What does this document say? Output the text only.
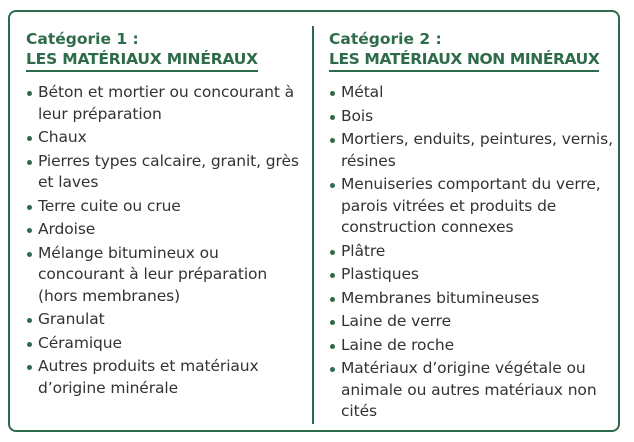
Catégorie 1 :
LES MATÉRIAUX MINÉRAUX
Béton et mortier ou concourant à leur préparation
Chaux
Pierres types calcaire, granit, grès et laves
Terre cuite ou crue
Ardoise
Mélange bitumineux ou concourant à leur préparation (hors membranes)
Granulat
Céramique
Autres produits et matériaux d’origine minérale
Catégorie 2 :
LES MATÉRIAUX NON MINÉRAUX
Métal
Bois
Mortiers, enduits, peintures, vernis, résines
Menuiseries comportant du verre, parois vitrées et produits de construction connexes
Plâtre
Plastiques
Membranes bitumineuses
Laine de verre
Laine de roche
Matériaux d’origine végétale ou animale ou autres matériaux non cités
